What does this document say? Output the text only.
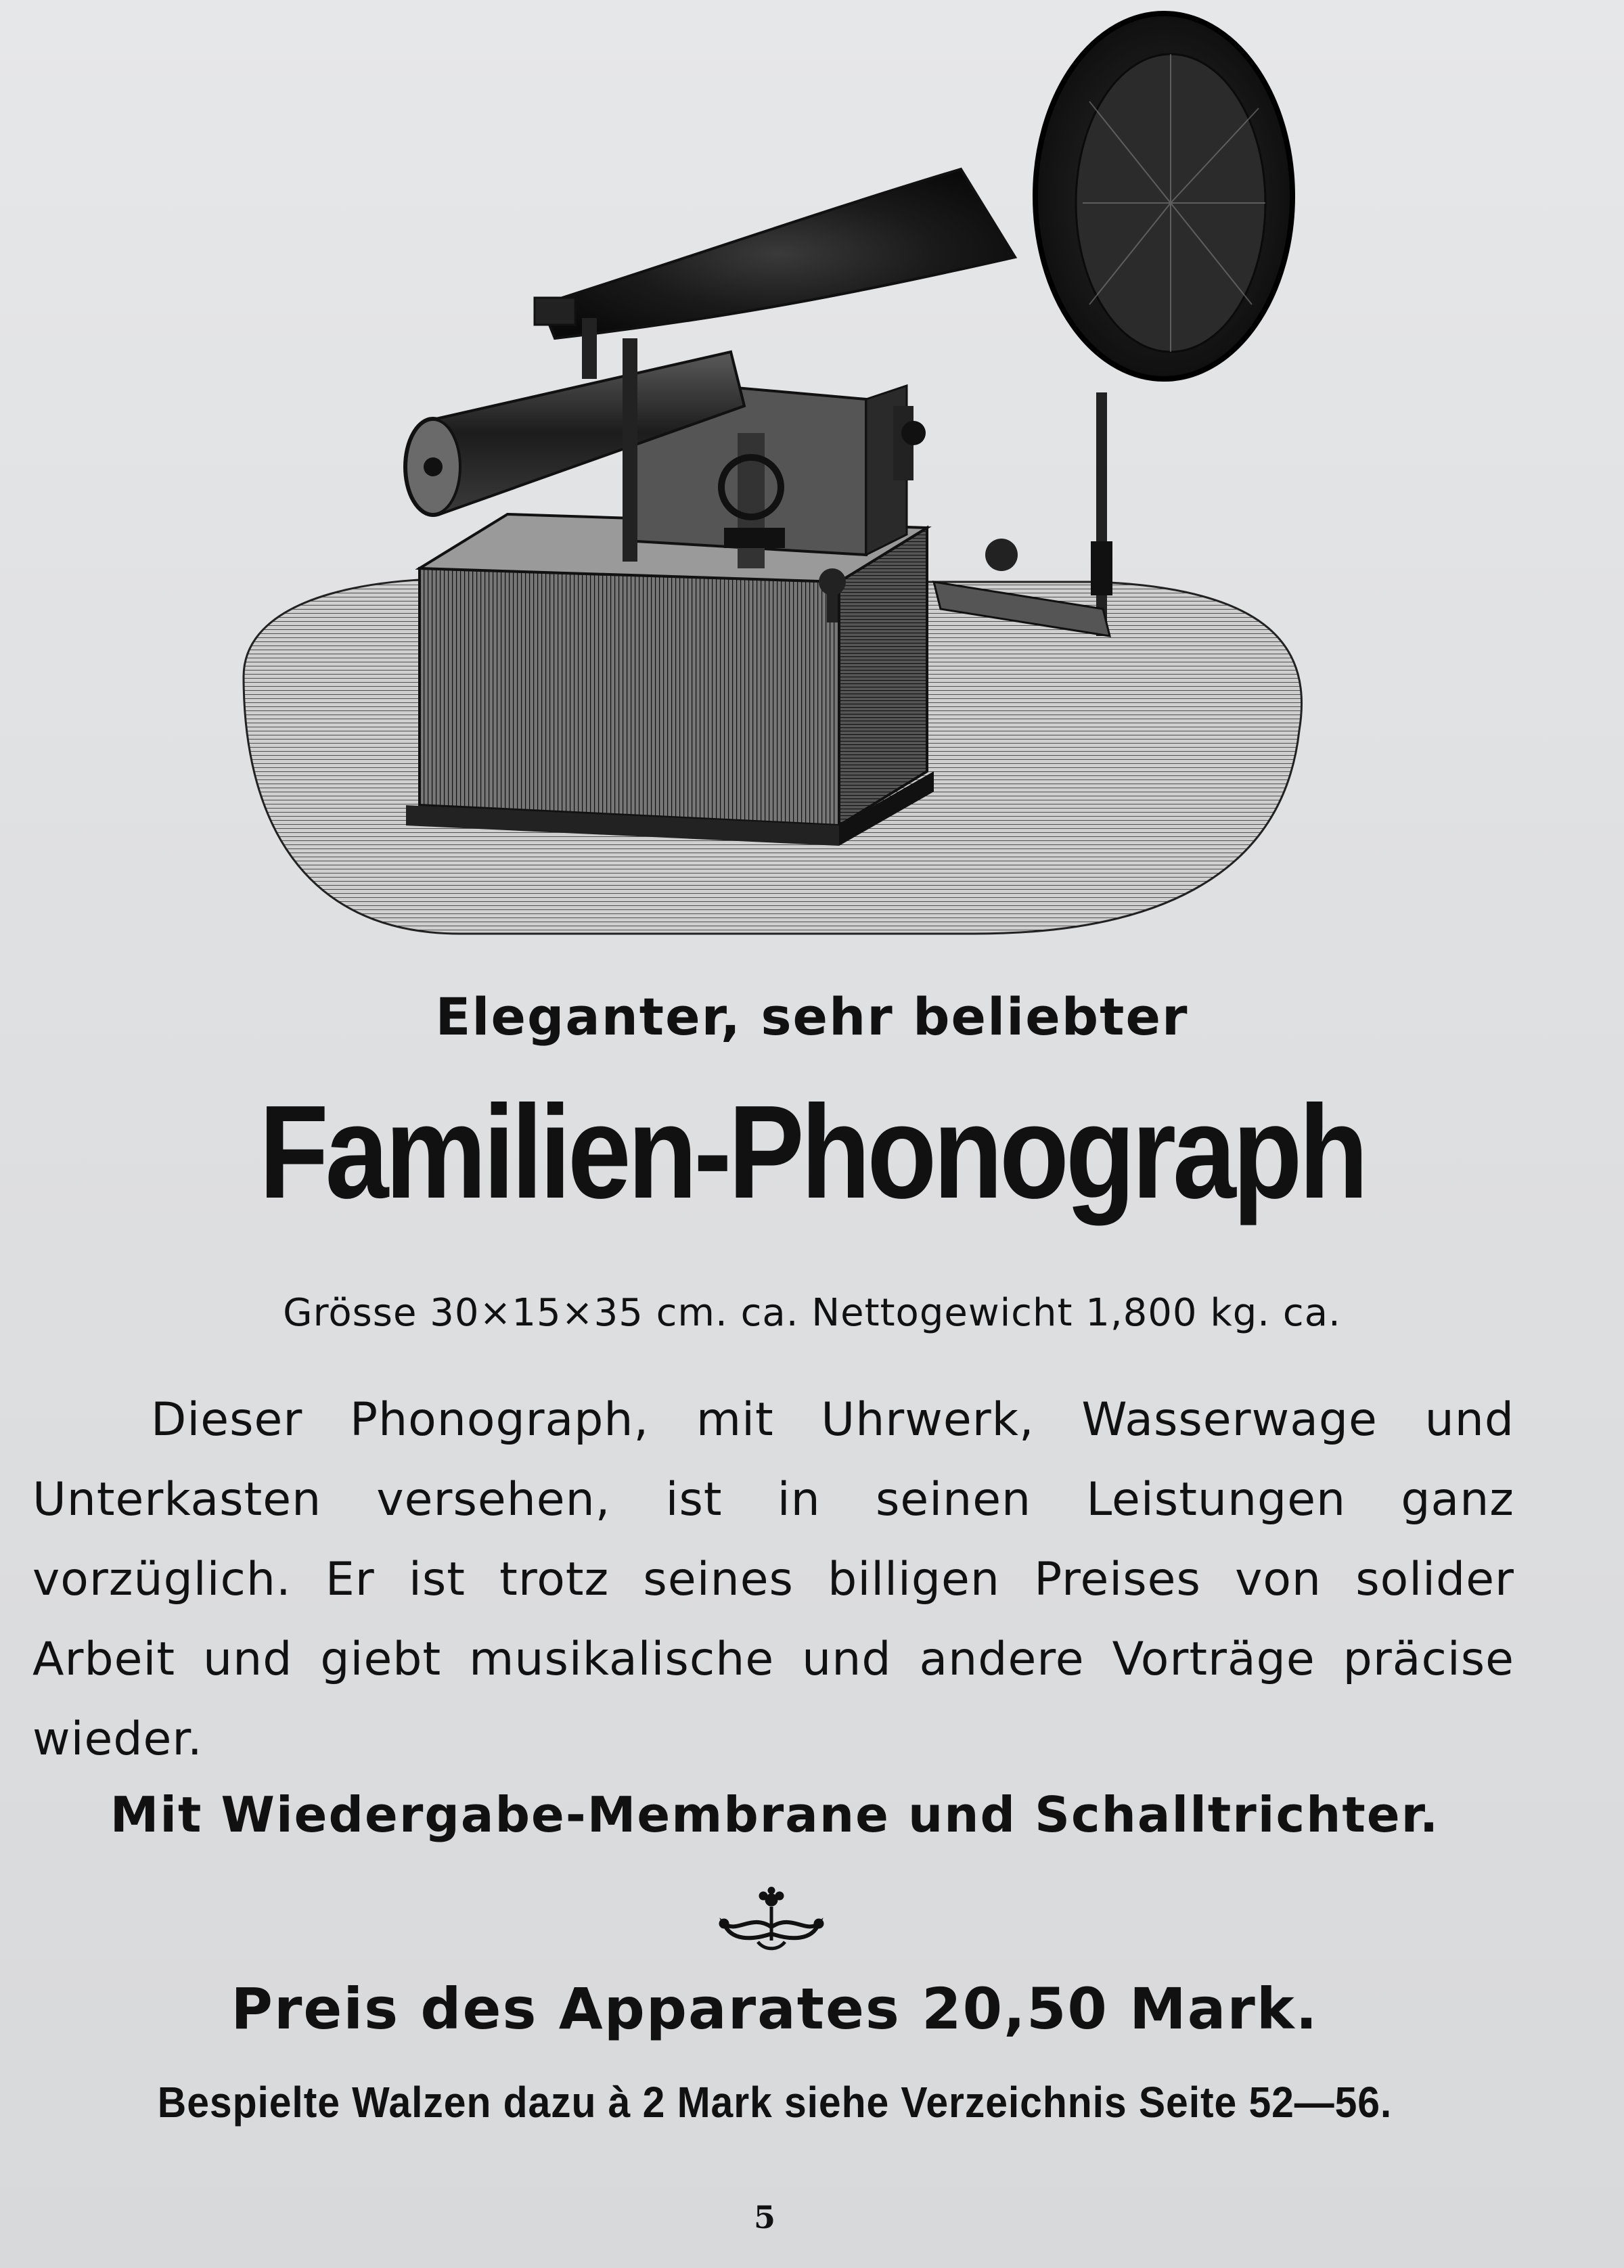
Eleganter, sehr beliebter
Familien-Phonograph
Grösse 30×15×35 cm. ca. Nettogewicht 1,800 kg. ca.
Dieser Phonograph, mit Uhrwerk, Wasserwage und Unterkasten versehen, ist in seinen Leistungen ganz vorzüglich. Er ist trotz seines billigen Preises von solider Arbeit und giebt musikalische und andere Vorträge präcise wieder.
Mit Wiedergabe-Membrane und Schalltrichter.
Preis des Apparates 20,50 Mark.
Bespielte Walzen dazu à 2 Mark siehe Verzeichnis Seite 52—56.
5
